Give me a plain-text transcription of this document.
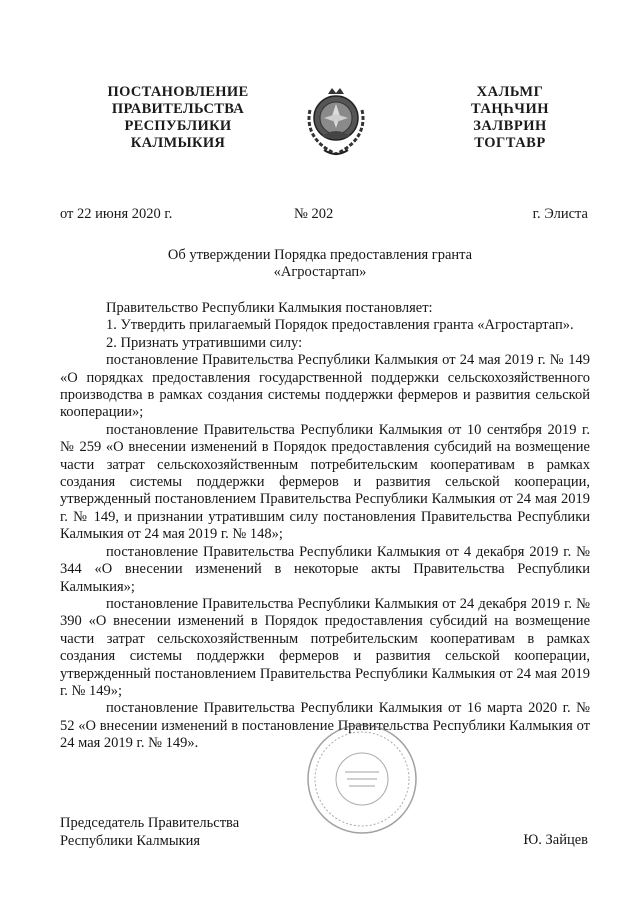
ПОСТАНОВЛЕНИЕ
ПРАВИТЕЛЬСТВА
РЕСПУБЛИКИ
КАЛМЫКИЯ
ХАЛЬМГ
ТАҢҺЧИН
ЗАЛВРИН
ТОГТАВР
от 22 июня 2020 г.	№ 202	г. Элиста
Об утверждении Порядка предоставления гранта
«Агростартап»

Правительство Республики Калмыкия постановляет:

1. Утвердить прилагаемый Порядок предоставления гранта «Агростартап».

2. Признать утратившими силу:

постановление Правительства Республики Калмыкия от 24 мая 2019 г. № 149 «О порядках предоставления государственной поддержки сельскохозяйственного производства в рамках создания системы поддержки фермеров и развития сельской кооперации»;

постановление Правительства Республики Калмыкия от 10 сентября 2019 г. № 259 «О внесении изменений в Порядок предоставления субсидий на возмещение части затрат сельскохозяйственным потребительским кооперативам в рамках создания системы поддержки фермеров и развития сельской кооперации, утвержденный постановлением Правительства Республики Калмыкия от 24 мая 2019 г. № 149, и признании утратившим силу постановления Правительства Республики Калмыкия от 24 мая 2019 г. № 148»;

постановление Правительства Республики Калмыкия от 4 декабря 2019 г. № 344 «О внесении изменений в некоторые акты Правительства Республики Калмыкия»;

постановление Правительства Республики Калмыкия от 24 декабря 2019 г. № 390 «О внесении изменений в Порядок предоставления субсидий на возмещение части затрат сельскохозяйственным потребительским кооперативам в рамках создания системы поддержки фермеров и развития сельской кооперации, утвержденный постановлением Правительства Республики Калмыкия от 24 мая 2019 г. № 149»;

постановление Правительства Республики Калмыкия от 16 марта 2020 г. № 52 «О внесении изменений в постановление Правительства Республики Калмыкия от 24 мая 2019 г. № 149».

Председатель Правительства
Республики Калмыкия	Ю. Зайцев
